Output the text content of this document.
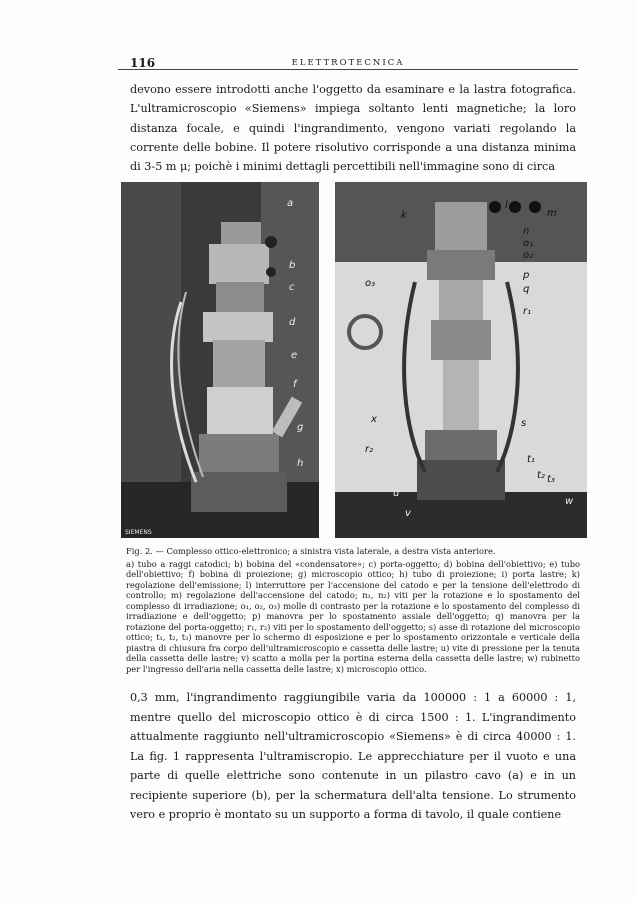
116	ELETTROTECNICA

devono essere introdotti anche l'oggetto da esaminare e la lastra fotografica. L'ultramicroscopio «Siemens» impiega soltanto lenti magnetiche; la loro distanza focale, e quindi l'ingrandimento, vengono variati regolando la corrente delle bobine. Il potere risolutivo corrisponde a una distanza minima di 3-5 m μ; poichè i minimi dettagli percettibili nell'immagine sono di circa

a
b
c
d
e
f
g
h
SIEMENS
k
l
m
n
o₁
o₂
o₃
p
q
r₁
r₂
x	s
t₁
t₂ t₃
u
v
w

Fig. 2. — Complesso ottico-elettronico; a sinistra vista laterale, a destra vista anteriore.

a) tubo a raggi catodici; b) bobina del «condensatore»; c) porta-oggetto; d) bobina dell'obiettivo; e) tubo dell'obiettivo; f) bobina di proiezione; g) microscopio ottico; h) tubo di proiezione; i) porta lastre; k) regolazione dell'emissione; l) interruttore per l'accensione del catodo e per la tensione dell'elettrodo di controllo; m) regolazione dell'accensione del catodo; n₁, n₂) viti per la rotazione e lo spostamento del complesso di irradiazione; o₁, o₂, o₃) molle di contrasto per la rotazione e lo spostamento del complesso di irradiazione e dell'oggetto; p) manovra per lo spostamento assiale dell'oggetto; q) manovra per la rotazione del porta-oggetto; r₁, r₂) viti per lo spostamento dell'oggetto; s) asse di rotazione del microscopio ottico; t₁, t₂, t₃) manovre per lo schermo di esposizione e per lo spostamento orizzontale e verticale della piastra di chiusura fra corpo dell'ultramicroscopio e cassetta delle lastre; u) vite di pressione per la tenuta della cassetta delle lastre; v) scatto a molla per la portina esterna della cassetta delle lastre; w) rubinetto per l'ingresso dell'aria nella cassetta delle lastre; x) microscopio ottico.

0,3 mm, l'ingrandimento raggiungibile varia da 100000 : 1 a 60000 : 1, mentre quello del microscopio ottico è di circa 1500 : 1. L'ingrandimento attualmente raggiunto nell'ultramicroscopio «Siemens» è di circa 40000 : 1. La fig. 1 rappresenta l'ultramiscropio. Le apprecchiature per il vuoto e una parte di quelle elettriche sono contenute in un pilastro cavo (a) e in un recipiente superiore (b), per la schermatura dell'alta tensione. Lo strumento vero e proprio è montato su un supporto a forma di tavolo, il quale contiene
